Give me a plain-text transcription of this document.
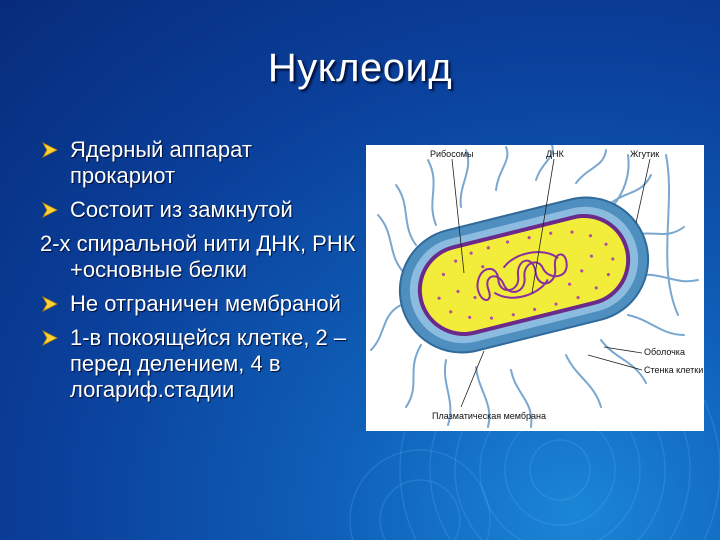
Нуклеоид
Ядерный аппарат прокариот
Состоит из замкнутой
2-х спиральной нити ДНК, РНК +основные белки
Не отграничен мембраной
1-в покоящейся клетке, 2 – перед делением, 4 в логариф.стадии
Рибосомы	ДНК	Жгутик
Оболочка
Стенка клетки
Плазматическая мембрана
